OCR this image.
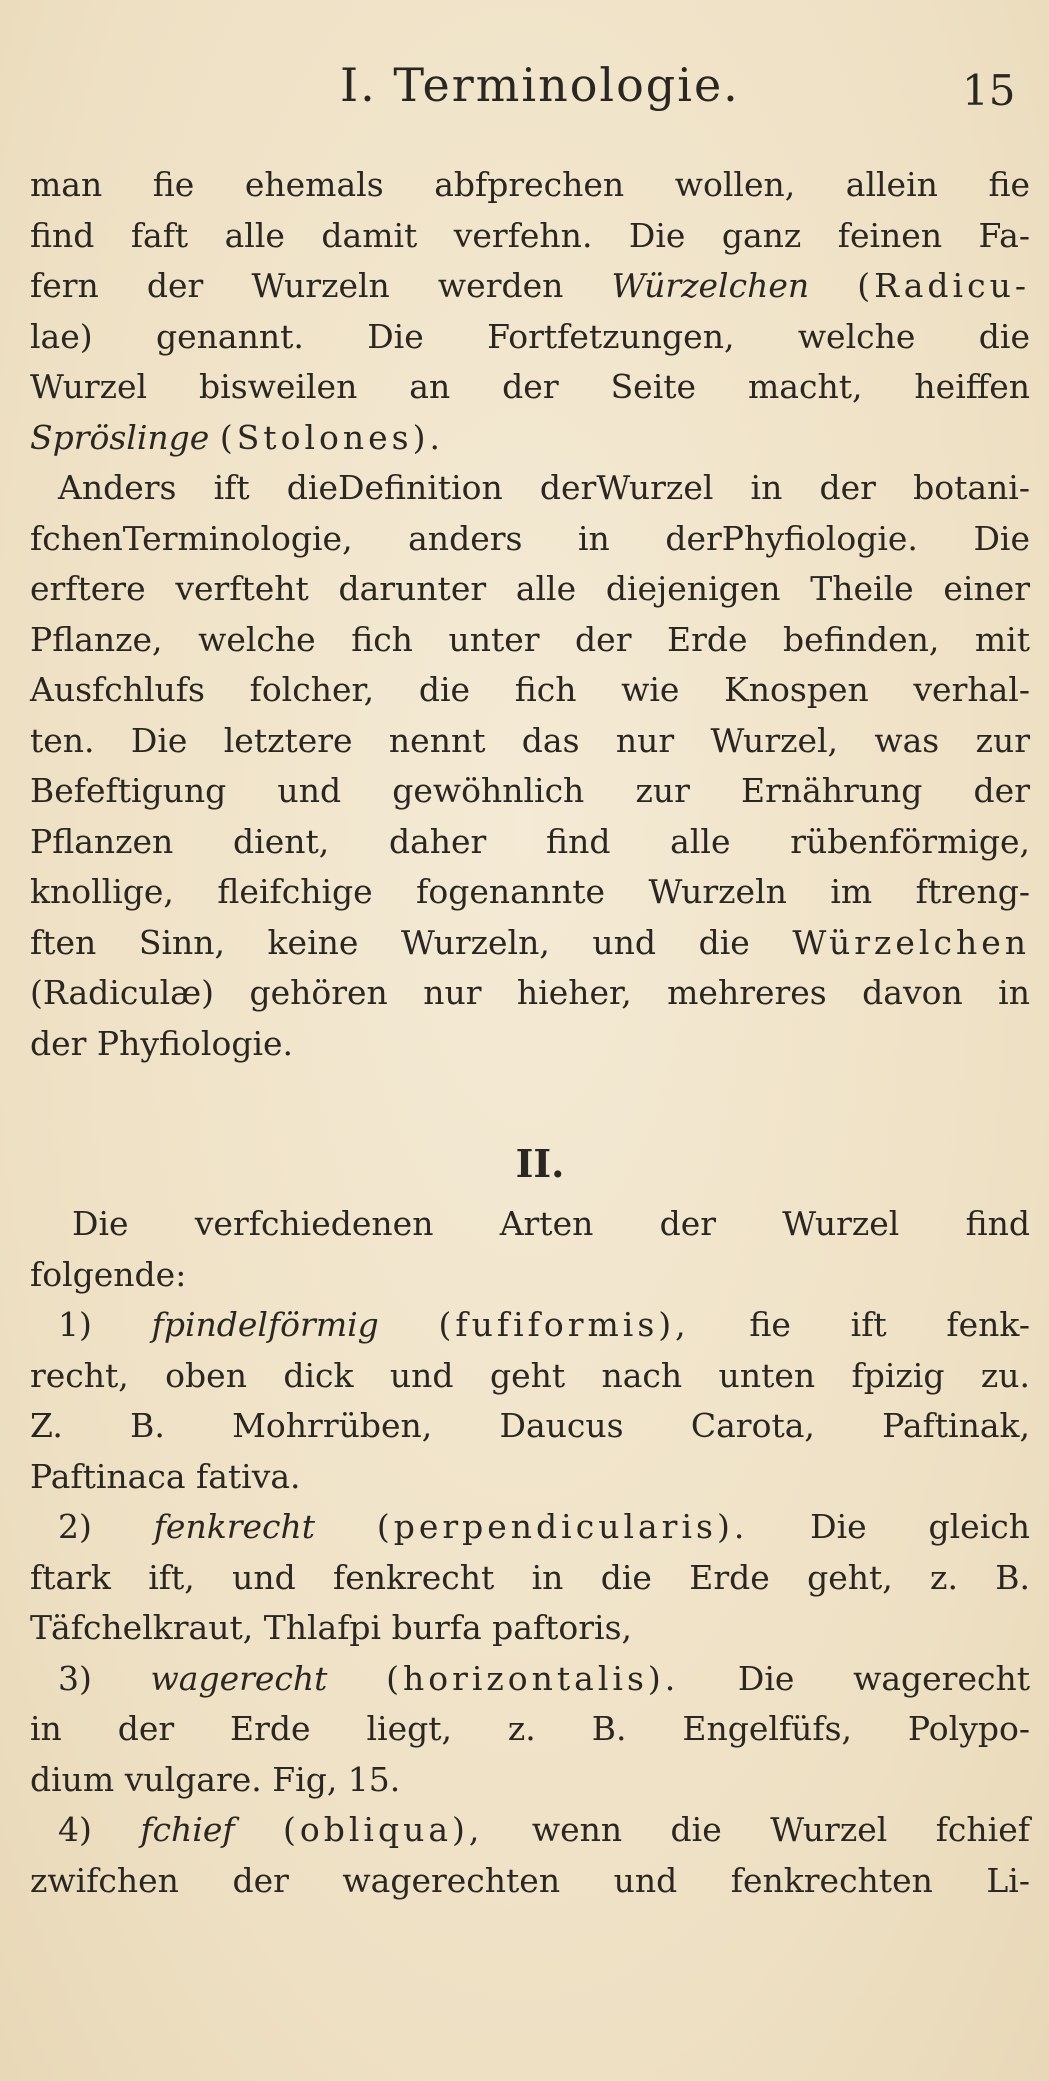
I. Terminologie.	15
man fie ehemals abfprechen wollen, allein fie
find faft alle damit verfehn. Die ganz feinen Fa-
fern der Wurzeln werden Würzelchen (Radicu-
lae) genannt. Die Fortfetzungen, welche die
Wurzel bisweilen an der Seite macht, heiffen
Spröslinge (Stolones).
Anders ift dieDefinition derWurzel in der botani-
fchenTerminologie, anders in derPhyfiologie. Die
erftere verfteht darunter alle diejenigen Theile einer
Pflanze, welche fich unter der Erde befinden, mit
Ausfchlufs folcher, die fich wie Knospen verhal-
ten. Die letztere nennt das nur Wurzel, was zur
Befeftigung und gewöhnlich zur Ernährung der
Pflanzen dient, daher find alle rübenförmige,
knollige, fleifchige fogenannte Wurzeln im ftreng-
ften Sinn, keine Wurzeln, und die Würzelchen
(Radiculæ) gehören nur hieher, mehreres davon in
der Phyfiologie.
II.
Die verfchiedenen Arten der Wurzel find
folgende:
1) fpindelförmig (fufiformis), fie ift fenk-
recht, oben dick und geht nach unten fpizig zu.
Z. B. Mohrrüben, Daucus Carota, Paftinak,
Paftinaca fativa.
2) fenkrecht (perpendicularis). Die gleich
ftark ift, und fenkrecht in die Erde geht, z. B.
Täfchelkraut, Thlafpi burfa paftoris,
3) wagerecht (horizontalis). Die wagerecht
in der Erde liegt, z. B. Engelfüfs, Polypo-
dium vulgare. Fig, 15.
4) fchief (obliqua), wenn die Wurzel fchief
zwifchen der wagerechten und fenkrechten Li-
